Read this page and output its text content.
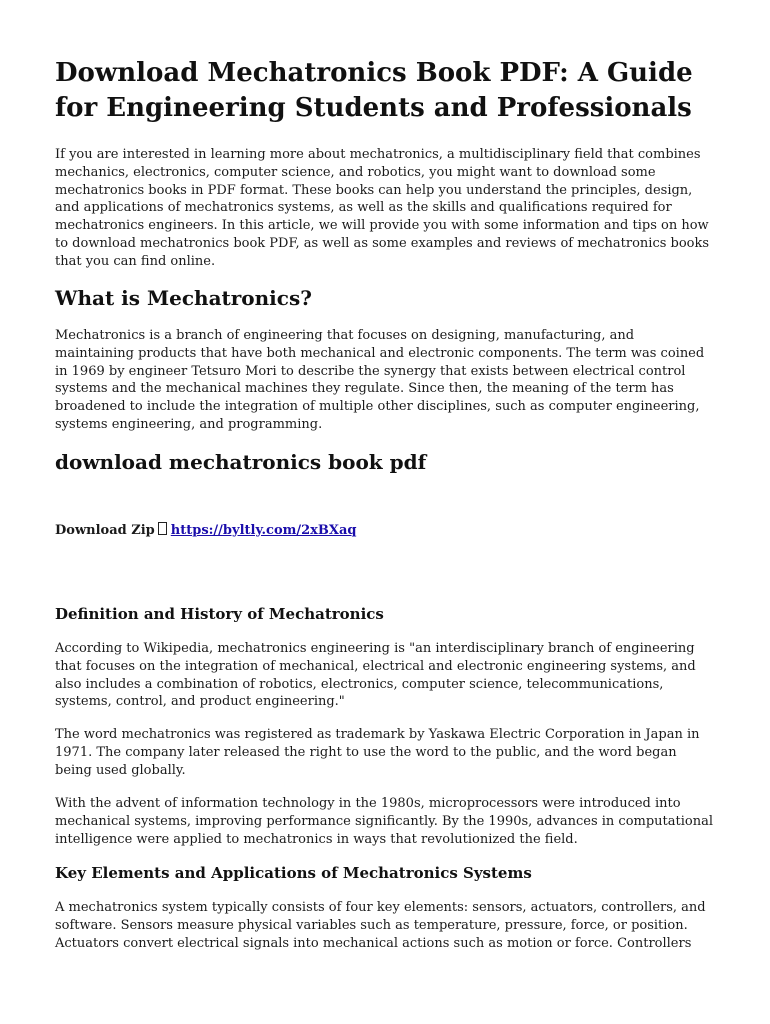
Download Mechatronics Book PDF: A Guide for Engineering Students and Professionals

If you are interested in learning more about mechatronics, a multidisciplinary field that combines mechanics, electronics, computer science, and robotics, you might want to download some mechatronics books in PDF format. These books can help you understand the principles, design, and applications of mechatronics systems, as well as the skills and qualifications required for mechatronics engineers. In this article, we will provide you with some information and tips on how to download mechatronics book PDF, as well as some examples and reviews of mechatronics books that you can find online.

What is Mechatronics?

Mechatronics is a branch of engineering that focuses on designing, manufacturing, and maintaining products that have both mechanical and electronic components. The term was coined in 1969 by engineer Tetsuro Mori to describe the synergy that exists between electrical control systems and the mechanical machines they regulate. Since then, the meaning of the term has broadened to include the integration of multiple other disciplines, such as computer engineering, systems engineering, and programming.

download mechatronics book pdf
Download Zip https://byltly.com/2xBXaq
Definition and History of Mechatronics

According to Wikipedia, mechatronics engineering is "an interdisciplinary branch of engineering that focuses on the integration of mechanical, electrical and electronic engineering systems, and also includes a combination of robotics, electronics, computer science, telecommunications, systems, control, and product engineering."

The word mechatronics was registered as trademark by Yaskawa Electric Corporation in Japan in 1971. The company later released the right to use the word to the public, and the word began being used globally.

With the advent of information technology in the 1980s, microprocessors were introduced into mechanical systems, improving performance significantly. By the 1990s, advances in computational intelligence were applied to mechatronics in ways that revolutionized the field.

Key Elements and Applications of Mechatronics Systems

A mechatronics system typically consists of four key elements: sensors, actuators, controllers, and software. Sensors measure physical variables such as temperature, pressure, force, or position. Actuators convert electrical signals into mechanical actions such as motion or force. Controllers
